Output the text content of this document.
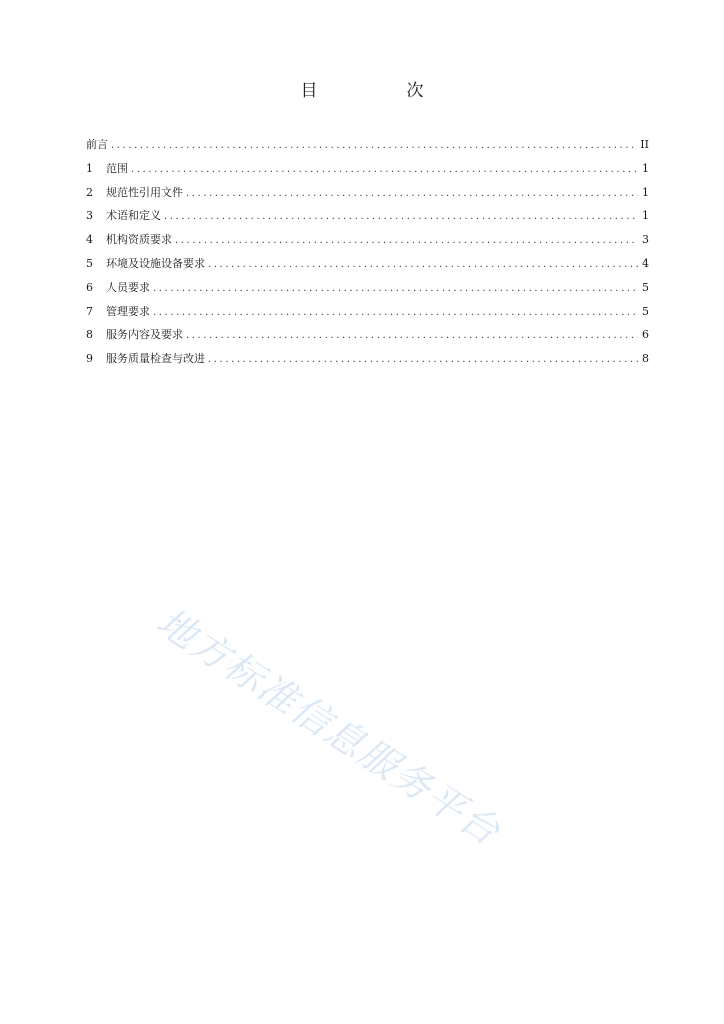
目　次
前言 .....	II
1	范围 .....	1
2	规范性引用文件 .....	1
3	术语和定义 .....	1
4	机构资质要求 .....	3
5	环境及设施设备要求 .....	4
6	人员要求 .....	5
7	管理要求 .....	5
8	服务内容及要求 .....	6
9	服务质量检查与改进 .....	8
地方标准信息服务平台
